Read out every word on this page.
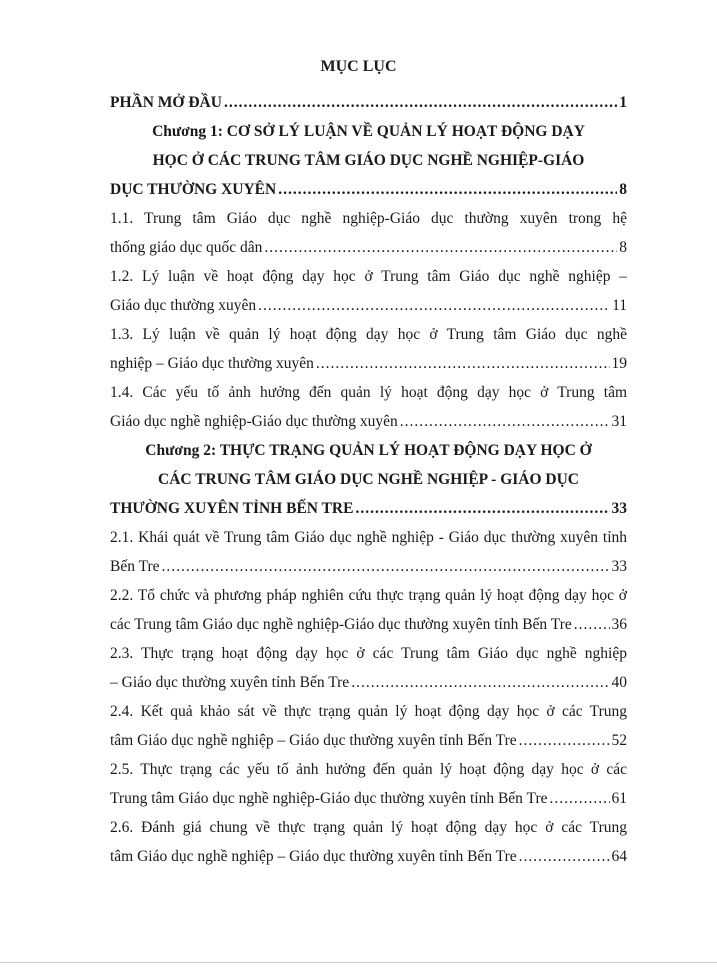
MỤC LỤC
PHẦN MỞ ĐẦU .....	1
Chương 1: CƠ SỞ LÝ LUẬN VỀ QUẢN LÝ HOẠT ĐỘNG DẠY
HỌC Ở CÁC TRUNG TÂM GIÁO DỤC NGHỀ NGHIỆP-GIÁO
DỤC THƯỜNG XUYÊN .....	8
1.1. Trung tâm Giáo dục nghề nghiệp-Giáo dục thường xuyên trong hệ
thống giáo dục quốc dân .....	8
1.2. Lý luận về hoạt động dạy học ở Trung tâm Giáo dục nghề nghiệp –
Giáo dục thường xuyên .....	11
1.3. Lý luận về quản lý hoạt động dạy học ở Trung tâm Giáo dục nghề
nghiệp – Giáo dục thường xuyên .....	19
1.4. Các yếu tố ảnh hưởng đến quản lý hoạt động dạy học ở Trung tâm
Giáo dục nghề nghiệp-Giáo dục thường xuyên .....	31
Chương 2: THỰC TRẠNG QUẢN LÝ HOẠT ĐỘNG DẠY HỌC Ở
CÁC TRUNG TÂM GIÁO DỤC NGHỀ NGHIỆP - GIÁO DỤC
THƯỜNG XUYÊN TỈNH BẾN TRE .....	33
2.1. Khái quát về Trung tâm Giáo dục nghề nghiệp - Giáo dục thường xuyên tỉnh
Bến Tre .....	33
2.2. Tổ chức và phương pháp nghiên cứu thực trạng quản lý hoạt động dạy học ở
các Trung tâm Giáo dục nghề nghiệp-Giáo dục thường xuyên tỉnh Bến Tre .....	36
2.3. Thực trạng hoạt động dạy học ở các Trung tâm Giáo dục nghề nghiệp
– Giáo dục thường xuyên tỉnh Bến Tre .....	40
2.4. Kết quả khảo sát về thực trạng quản lý hoạt động dạy học ở các Trung
tâm Giáo dục nghề nghiệp – Giáo dục thường xuyên tỉnh Bến Tre .....	52
2.5. Thực trạng các yếu tố ảnh hưởng đến quản lý hoạt động dạy học ở các
Trung tâm Giáo dục nghề nghiệp-Giáo dục thường xuyên tỉnh Bến Tre .....	61
2.6. Đánh giá chung về thực trạng quản lý hoạt động dạy học ở các Trung
tâm Giáo dục nghề nghiệp – Giáo dục thường xuyên tỉnh Bến Tre .....	64
